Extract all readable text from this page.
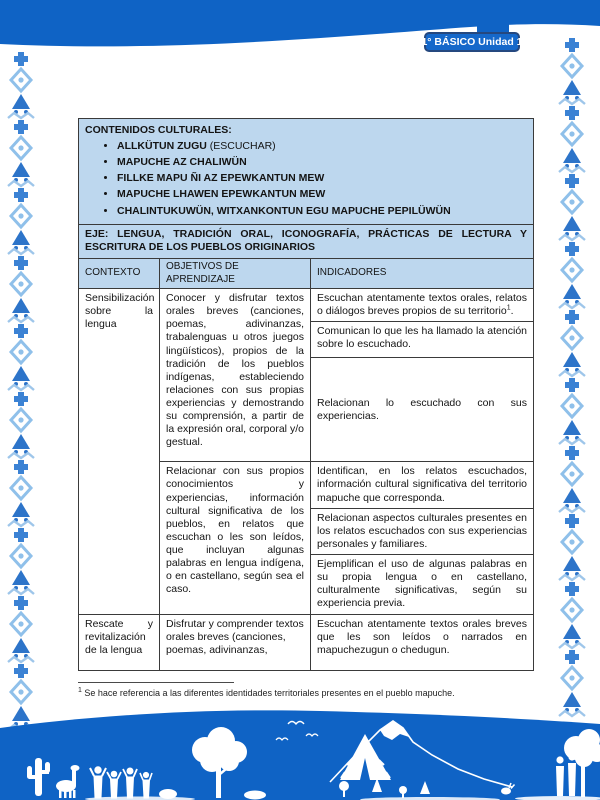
1° BÁSICO Unidad 1
CONTENIDOS CULTURALES:
• ALLKÜTUN ZUGU (ESCUCHAR)
• MAPUCHE AZ CHALIWÜN
• FILLKE MAPU ÑI AZ EPEWKANTUN MEW
• MAPUCHE LHAWEN EPEWKANTUN MEW
• CHALINTUKUWÜN, WITXANKONTUN EGU MAPUCHE PEPILÜWÜN

EJE: LENGUA, TRADICIÓN ORAL, ICONOGRAFÍA, PRÁCTICAS DE LECTURA Y ESCRITURA DE LOS PUEBLOS ORIGINARIOS		
CONTEXTO	OBJETIVOS DE APRENDIZAJE	INDICADORES
Sensibilización sobre la lengua	Conocer y disfrutar textos orales breves (canciones, poemas, adivinanzas, trabalenguas u otros juegos lingüísticos), propios de la tradición de los pueblos indígenas, estableciendo relaciones con sus propias experiencias y demostrando su comprensión, a partir de la expresión oral, corporal y/o gestual.	Escuchan atentamente textos orales, relatos o diálogos breves propios de su territorio$^1$.
		Comunican lo que les ha llamado la atención sobre lo escuchado.
		Relacionan lo escuchado con sus experiencias.
	Relacionar con sus propios conocimientos y experiencias, información cultural significativa de los pueblos, en relatos que escuchan o les son leídos, que incluyan algunas palabras en lengua indígena, o en castellano, según sea el caso.	Identifican, en los relatos escuchados, información cultural significativa del territorio mapuche que corresponda.
		Relacionan aspectos culturales presentes en los relatos escuchados con sus experiencias personales y familiares.
		Ejemplifican el uso de algunas palabras en su propia lengua o en castellano, culturalmente significativas, según su experiencia previa.
Rescate y revitalización de la lengua	Disfrutar y comprender textos orales breves (canciones, poemas, adivinanzas,	Escuchan atentamente textos orales breves que les son leídos o narrados en mapuchezugun o chedugun.
$^1$ Se hace referencia a las diferentes identidades territoriales presentes en el pueblo mapuche.
